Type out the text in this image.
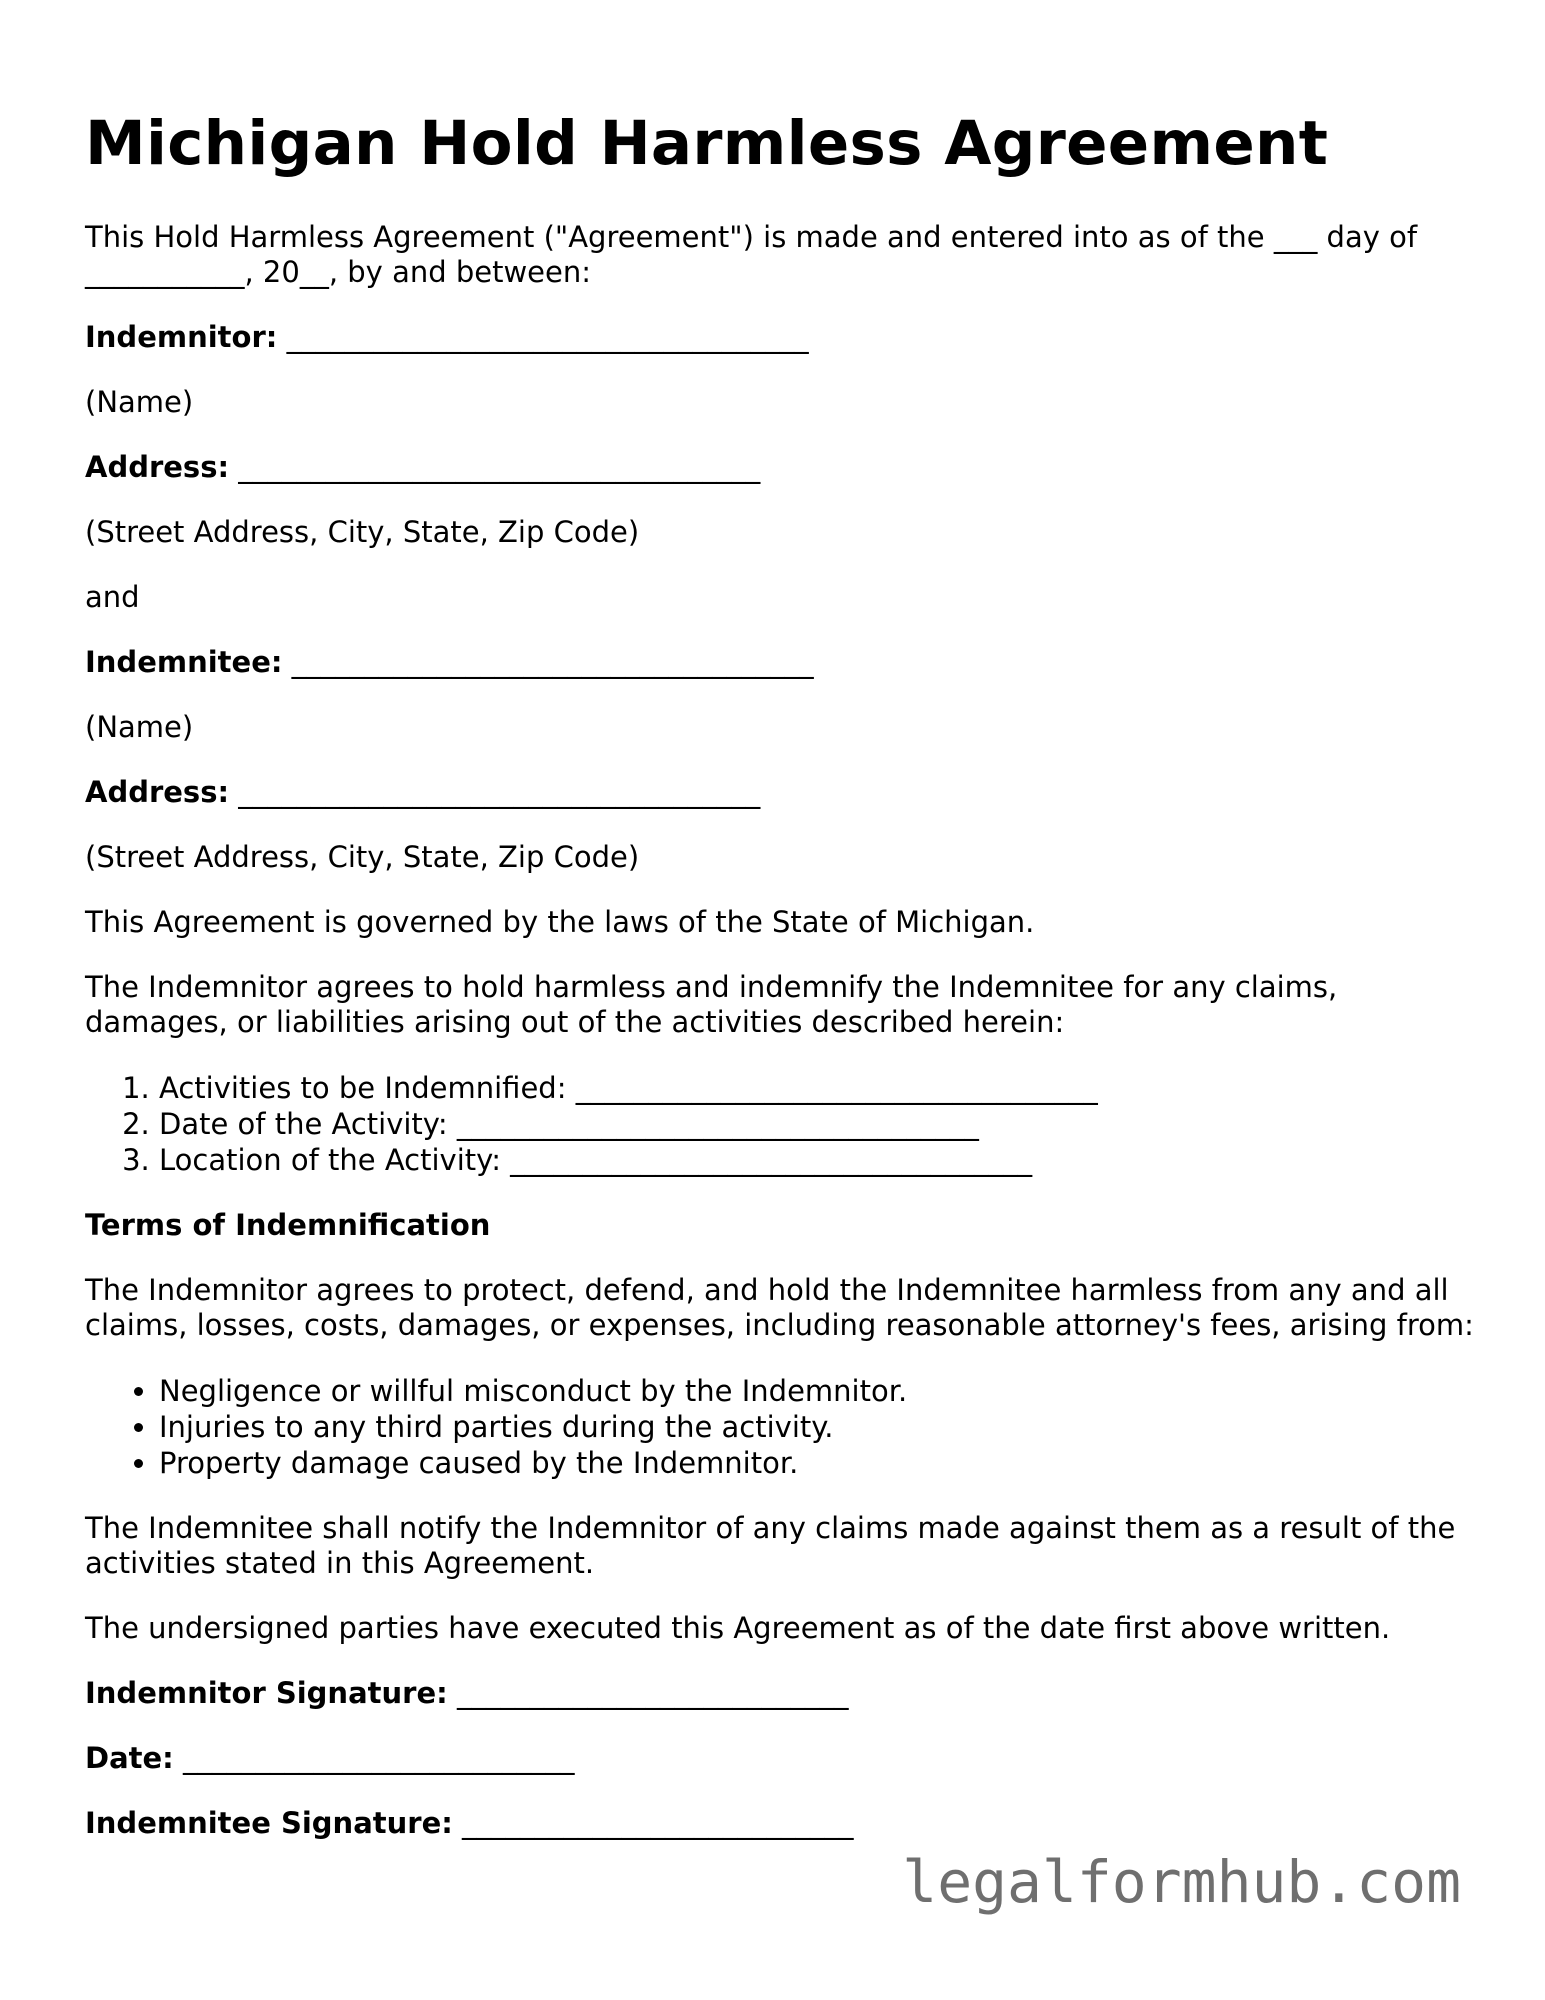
Michigan Hold Harmless Agreement

This Hold Harmless Agreement ("Agreement") is made and entered into as of the ___ day of ___________, 20__, by and between:

Indemnitor: ____________________________________

(Name)

Address: ____________________________________

(Street Address, City, State, Zip Code)

and

Indemnitee: ____________________________________

(Name)

Address: ____________________________________

(Street Address, City, State, Zip Code)

This Agreement is governed by the laws of the State of Michigan.

The Indemnitor agrees to hold harmless and indemnify the Indemnitee for any claims, damages, or liabilities arising out of the activities described herein:

1. Activities to be Indemnified: ____________________________________
2. Date of the Activity: ____________________________________
3. Location of the Activity: ____________________________________
Terms of Indemnification

The Indemnitor agrees to protect, defend, and hold the Indemnitee harmless from any and all claims, losses, costs, damages, or expenses, including reasonable attorney's fees, arising from:

• Negligence or willful misconduct by the Indemnitor.
• Injuries to any third parties during the activity.
• Property damage caused by the Indemnitor.

The Indemnitee shall notify the Indemnitor of any claims made against them as a result of the activities stated in this Agreement.

The undersigned parties have executed this Agreement as of the date first above written.

Indemnitor Signature: ___________________________

Date: ___________________________

Indemnitee Signature: ___________________________

legalformhub.com
